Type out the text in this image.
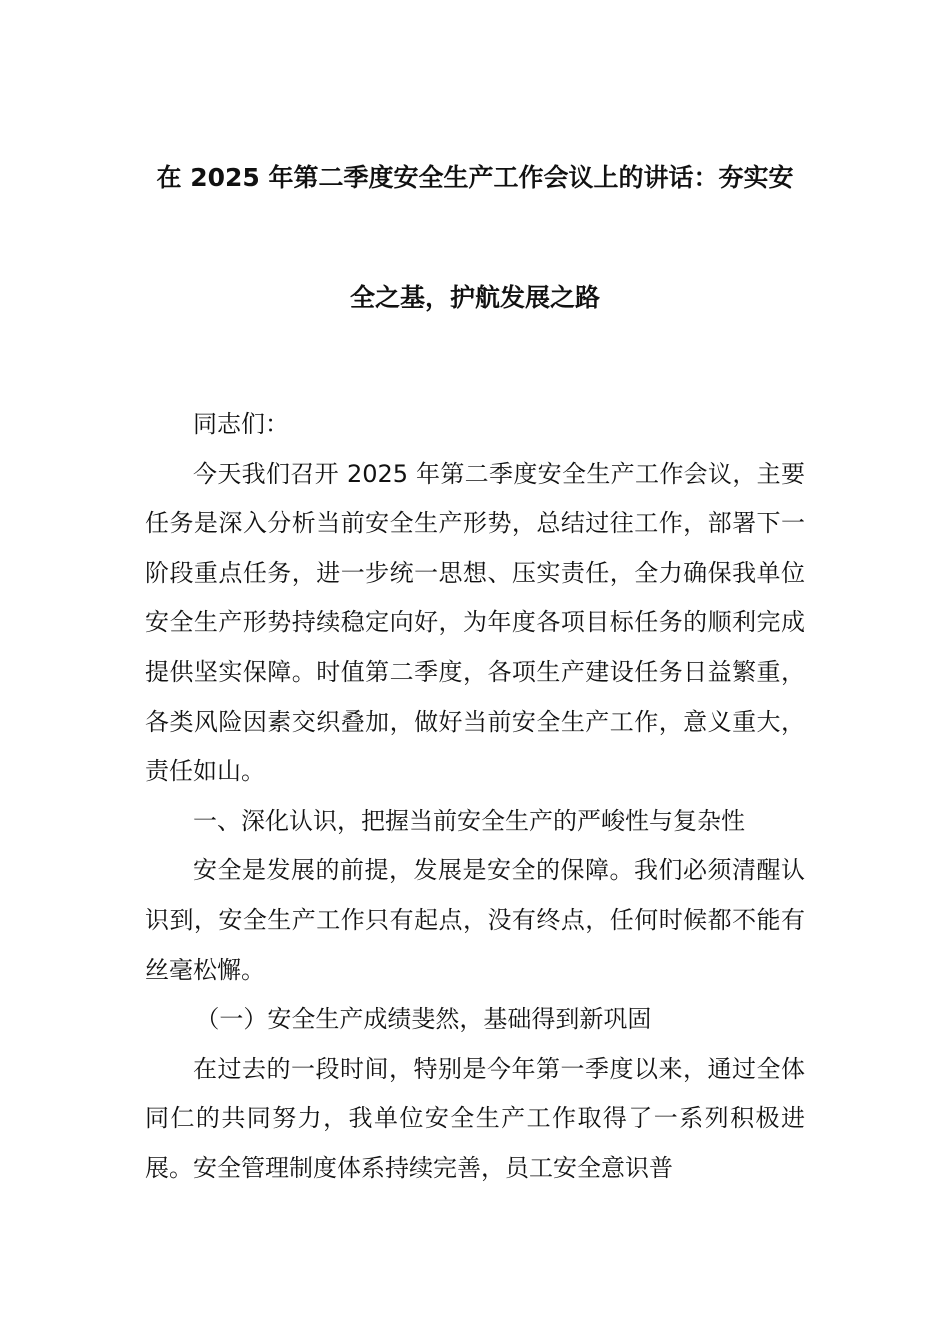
在 2025 年第二季度安全生产工作会议上的讲话：夯实安
全之基，护航发展之路

同志们：

今天我们召开 2025 年第二季度安全生产工作会议，主要任务是深入分析当前安全生产形势，总结过往工作，部署下一阶段重点任务，进一步统一思想、压实责任，全力确保我单位安全生产形势持续稳定向好，为年度各项目标任务的顺利完成提供坚实保障。时值第二季度，各项生产建设任务日益繁重，各类风险因素交织叠加，做好当前安全生产工作，意义重大，责任如山。

一、深化认识，把握当前安全生产的严峻性与复杂性

安全是发展的前提，发展是安全的保障。我们必须清醒认识到，安全生产工作只有起点，没有终点，任何时候都不能有丝毫松懈。

（一）安全生产成绩斐然，基础得到新巩固

在过去的一段时间，特别是今年第一季度以来，通过全体同仁的共同努力，我单位安全生产工作取得了一系列积极进展。安全管理制度体系持续完善，员工安全意识普
